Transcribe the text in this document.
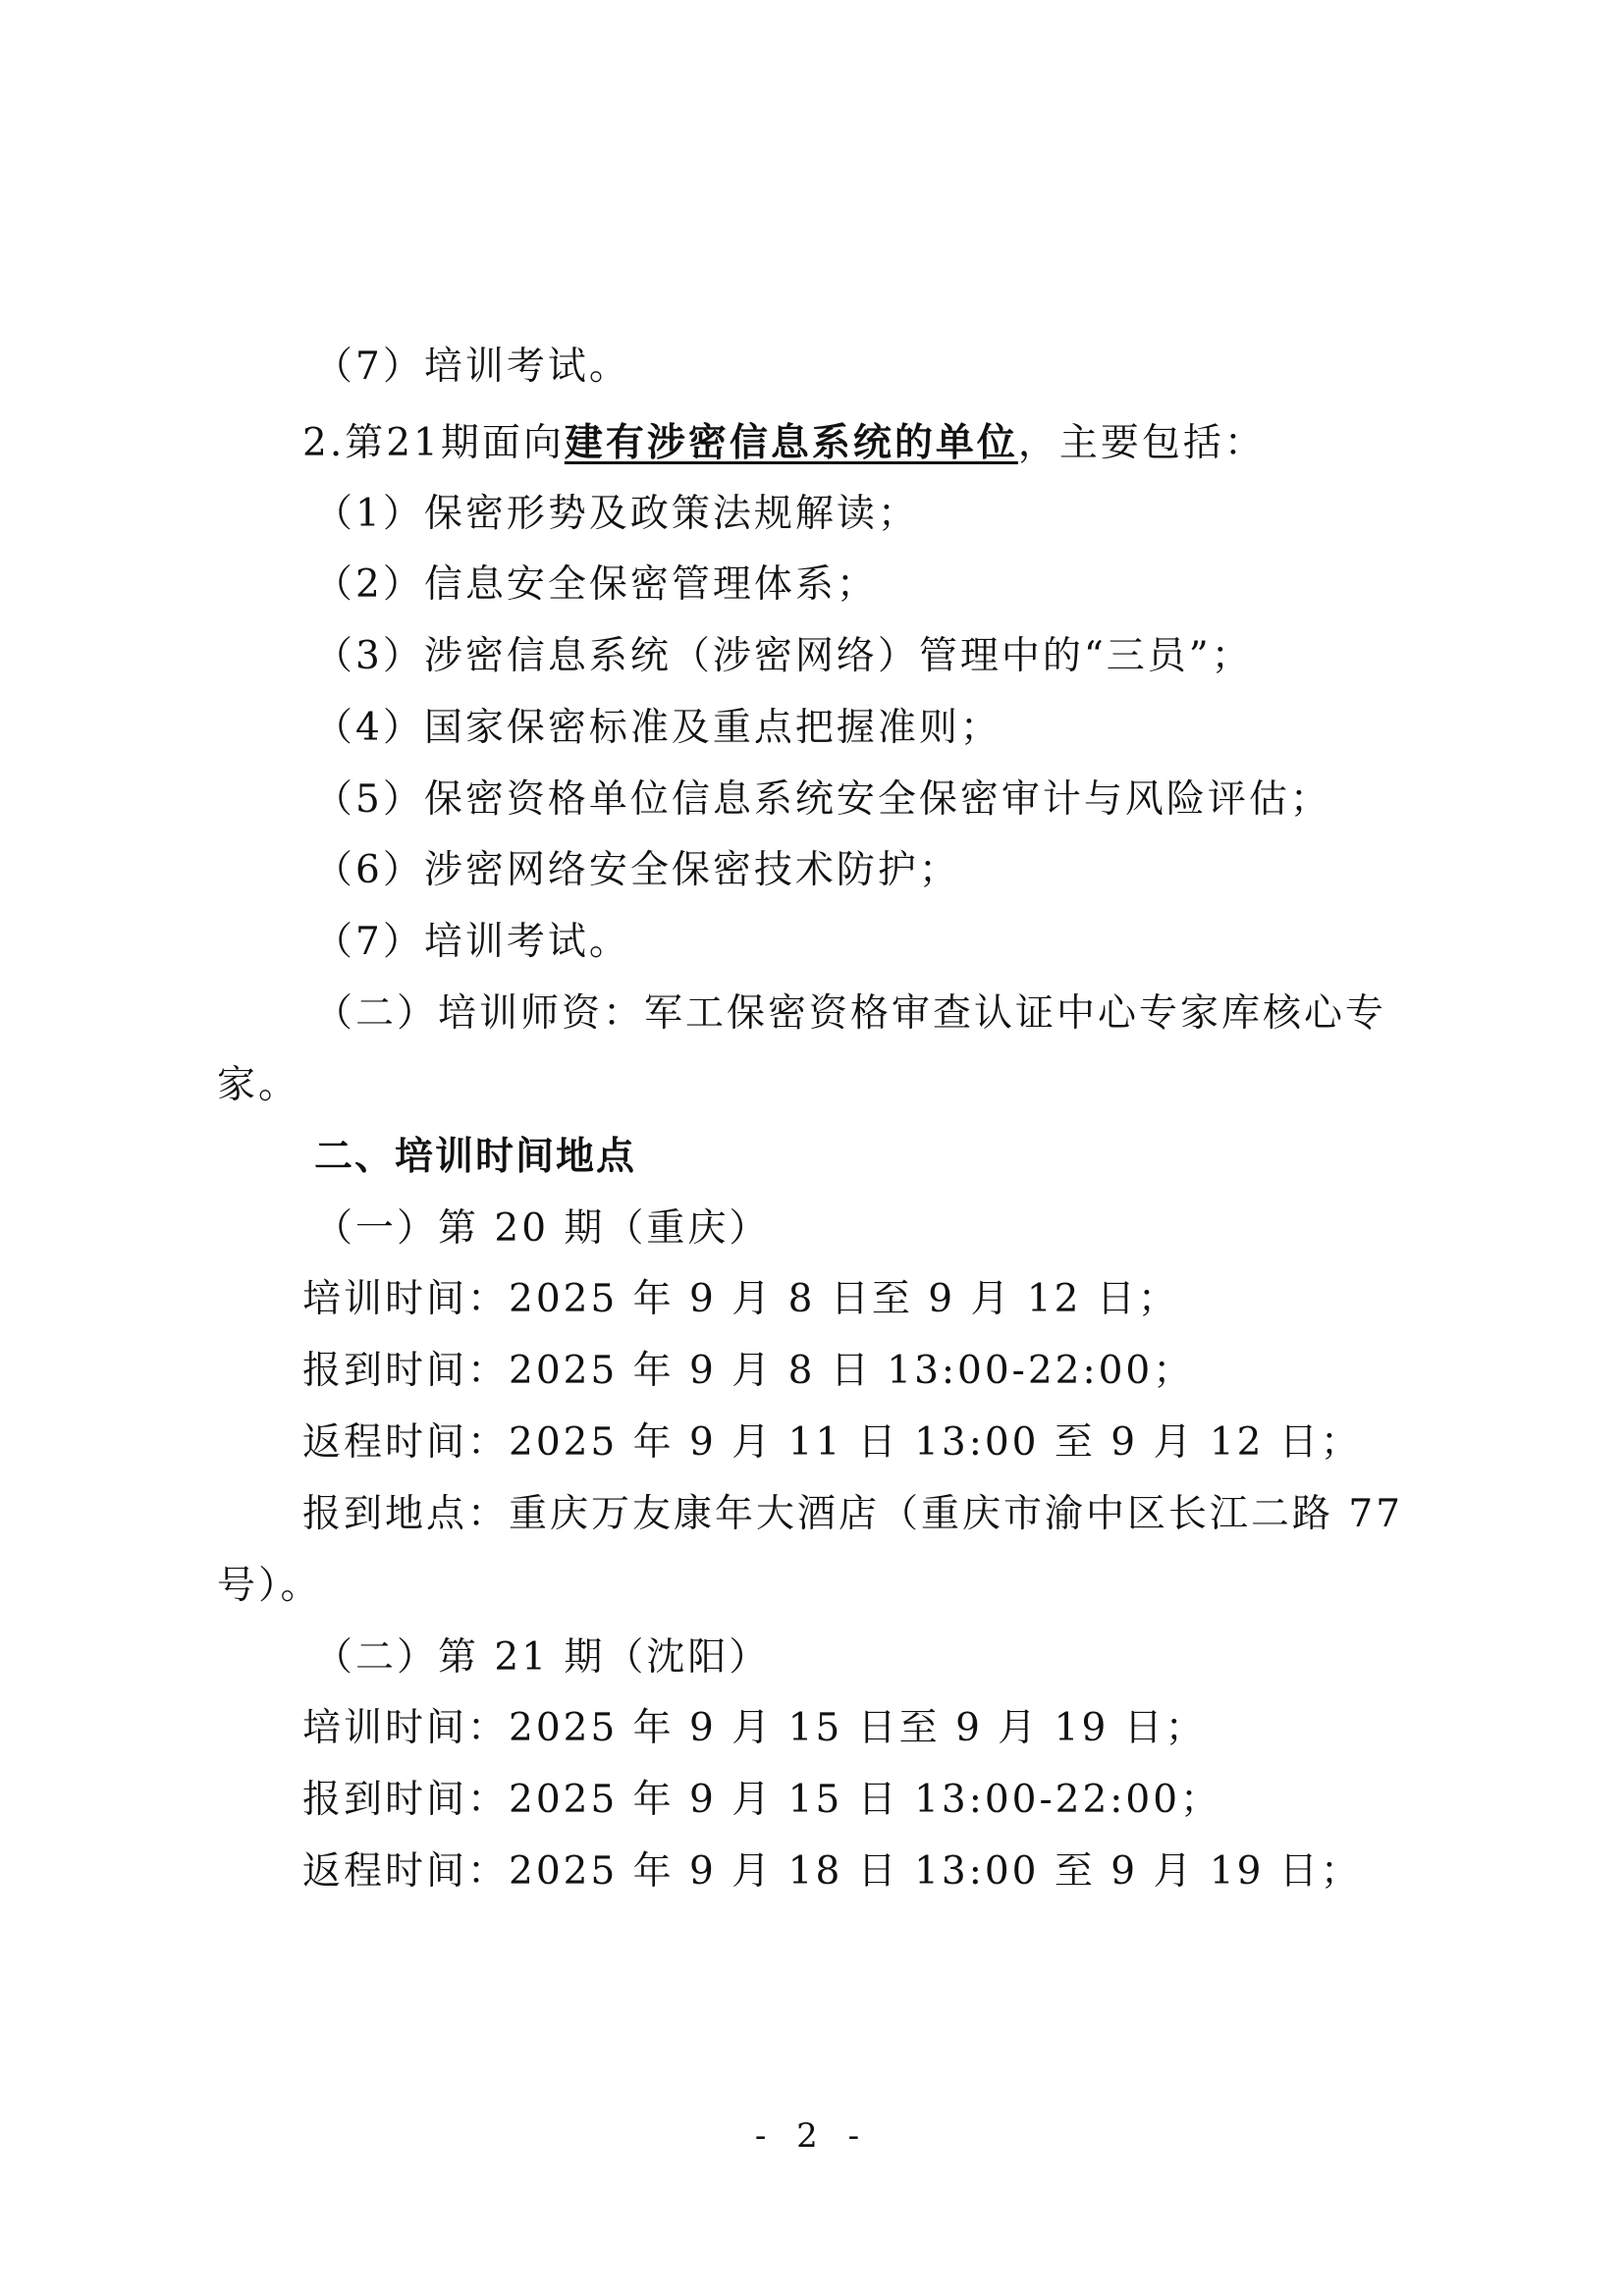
（7）培训考试。
2.第21期面向建有涉密信息系统的单位，主要包括：
（1）保密形势及政策法规解读；
（2）信息安全保密管理体系；
（3）涉密信息系统（涉密网络）管理中的“三员”；
（4）国家保密标准及重点把握准则；
（5）保密资格单位信息系统安全保密审计与风险评估；
（6）涉密网络安全保密技术防护；
（7）培训考试。
（二）培训师资：军工保密资格审查认证中心专家库核心专
家。
二、培训时间地点
（一）第 20 期（重庆）
培训时间：2025 年 9 月 8 日至 9 月 12 日；
报到时间：2025 年 9 月 8 日 13:00-22:00；
返程时间：2025 年 9 月 11 日 13:00 至 9 月 12 日；
报到地点：重庆万友康年大酒店（重庆市渝中区长江二路 77
号）。
（二）第 21 期（沈阳）
培训时间：2025 年 9 月 15 日至 9 月 19 日；
报到时间：2025 年 9 月 15 日 13:00-22:00；
返程时间：2025 年 9 月 18 日 13:00 至 9 月 19 日；
- 2 -
